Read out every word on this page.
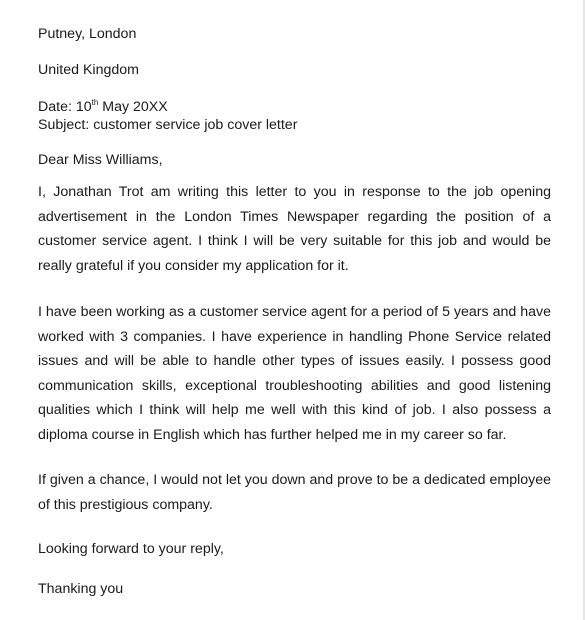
Putney, London

United Kingdom

Date: 10th May 20XX

Subject: customer service job cover letter

Dear Miss Williams,

I, Jonathan Trot am writing this letter to you in response to the job opening advertisement in the London Times Newspaper regarding the position of a customer service agent. I think I will be very suitable for this job and would be really grateful if you consider my application for it.

I have been working as a customer service agent for a period of 5 years and have worked with 3 companies. I have experience in handling Phone Service related issues and will be able to handle other types of issues easily. I possess good communication skills, exceptional troubleshooting abilities and good listening qualities which I think will help me well with this kind of job. I also possess a diploma course in English which has further helped me in my career so far.

If given a chance, I would not let you down and prove to be a dedicated employee of this prestigious company.

Looking forward to your reply,

Thanking you
